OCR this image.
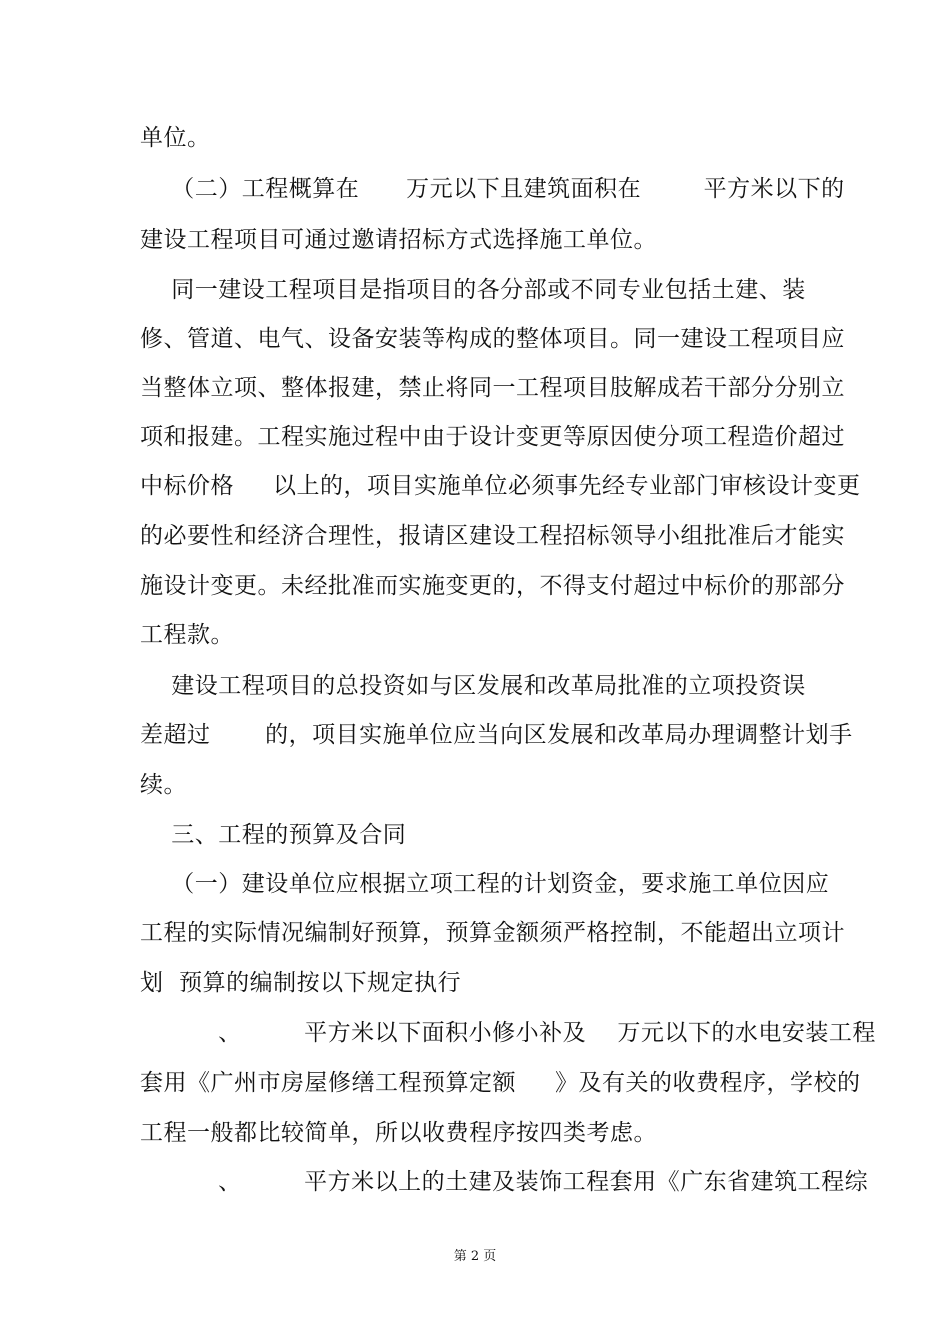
单位。
（二）工程概算在      万元以下且建筑面积在        平方米以下的
建设工程项目可通过邀请招标方式选择施工单位。
同一建设工程项目是指项目的各分部或不同专业包括土建、装
修、管道、电气、设备安装等构成的整体项目。同一建设工程项目应
当整体立项、整体报建，禁止将同一工程项目肢解成若干部分分别立
项和报建。工程实施过程中由于设计变更等原因使分项工程造价超过
中标价格     以上的，项目实施单位必须事先经专业部门审核设计变更
的必要性和经济合理性，报请区建设工程招标领导小组批准后才能实
施设计变更。未经批准而实施变更的，不得支付超过中标价的那部分
工程款。
建设工程项目的总投资如与区发展和改革局批准的立项投资误
差超过       的，项目实施单位应当向区发展和改革局办理调整计划手
续。
三、工程的预算及合同
（一）建设单位应根据立项工程的计划资金，要求施工单位因应
工程的实际情况编制好预算，预算金额须严格控制，不能超出立项计
划  预算的编制按以下规定执行
、        平方米以下面积小修小补及    万元以下的水电安装工程
套用《广州市房屋修缮工程预算定额     》及有关的收费程序，学校的
工程一般都比较简单，所以收费程序按四类考虑。
、        平方米以上的土建及装饰工程套用《广东省建筑工程综
第 2 页
